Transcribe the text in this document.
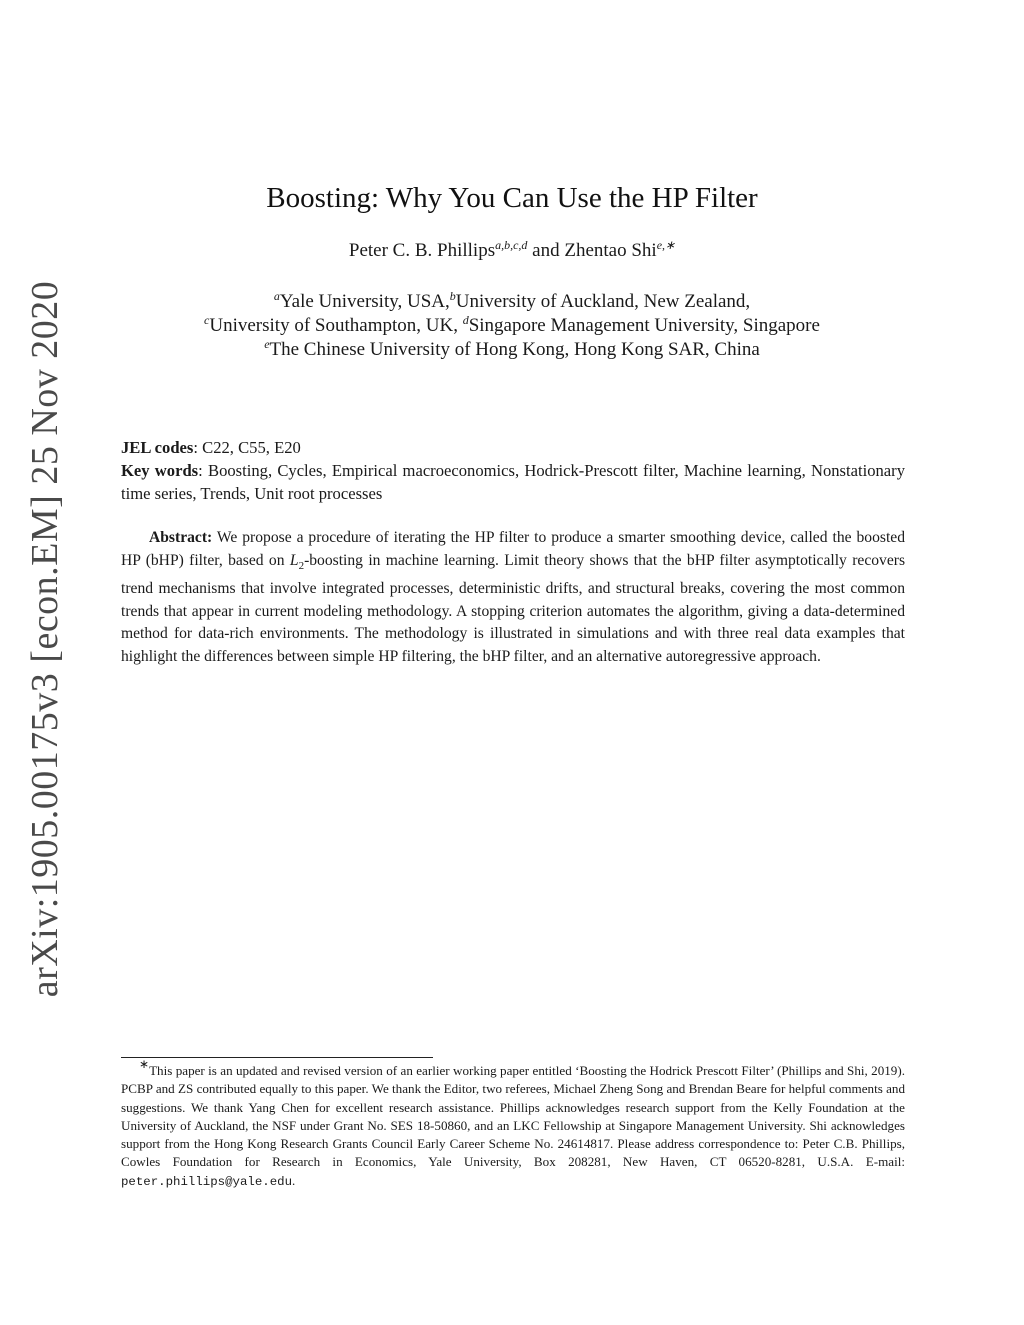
arXiv:1905.00175v3 [econ.EM] 25 Nov 2020
Boosting: Why You Can Use the HP Filter
Peter C. B. Phillips$^{a,b,c,d}$ and Zhentao Shi$^{e,∗}$
$^a$Yale University, USA,$^b$University of Auckland, New Zealand,
$^c$University of Southampton, UK, $^d$Singapore Management University, Singapore
$^e$The Chinese University of Hong Kong, Hong Kong SAR, China
JEL codes: C22, C55, E20
Key words: Boosting, Cycles, Empirical macroeconomics, Hodrick-Prescott filter, Machine learning, Nonstationary time series, Trends, Unit root processes
Abstract: We propose a procedure of iterating the HP filter to produce a smarter smoothing device, called the boosted HP (bHP) filter, based on $L_2$-boosting in machine learning. Limit theory shows that the bHP filter asymptotically recovers trend mechanisms that involve integrated processes, deterministic drifts, and structural breaks, covering the most common trends that appear in current modeling methodology. A stopping criterion automates the algorithm, giving a data-determined method for data-rich environments. The methodology is illustrated in simulations and with three real data examples that highlight the differences between simple HP filtering, the bHP filter, and an alternative autoregressive approach.
∗This paper is an updated and revised version of an earlier working paper entitled ‘Boosting the Hodrick Prescott Filter’ (Phillips and Shi, 2019). PCBP and ZS contributed equally to this paper. We thank the Editor, two referees, Michael Zheng Song and Brendan Beare for helpful comments and suggestions. We thank Yang Chen for excellent research assistance. Phillips acknowledges research support from the Kelly Foundation at the University of Auckland, the NSF under Grant No. SES 18-50860, and an LKC Fellowship at Singapore Management University. Shi acknowledges support from the Hong Kong Research Grants Council Early Career Scheme No. 24614817. Please address correspondence to: Peter C.B. Phillips, Cowles Foundation for Research in Economics, Yale University, Box 208281, New Haven, CT 06520-8281, U.S.A. E-mail: peter.phillips@yale.edu.
